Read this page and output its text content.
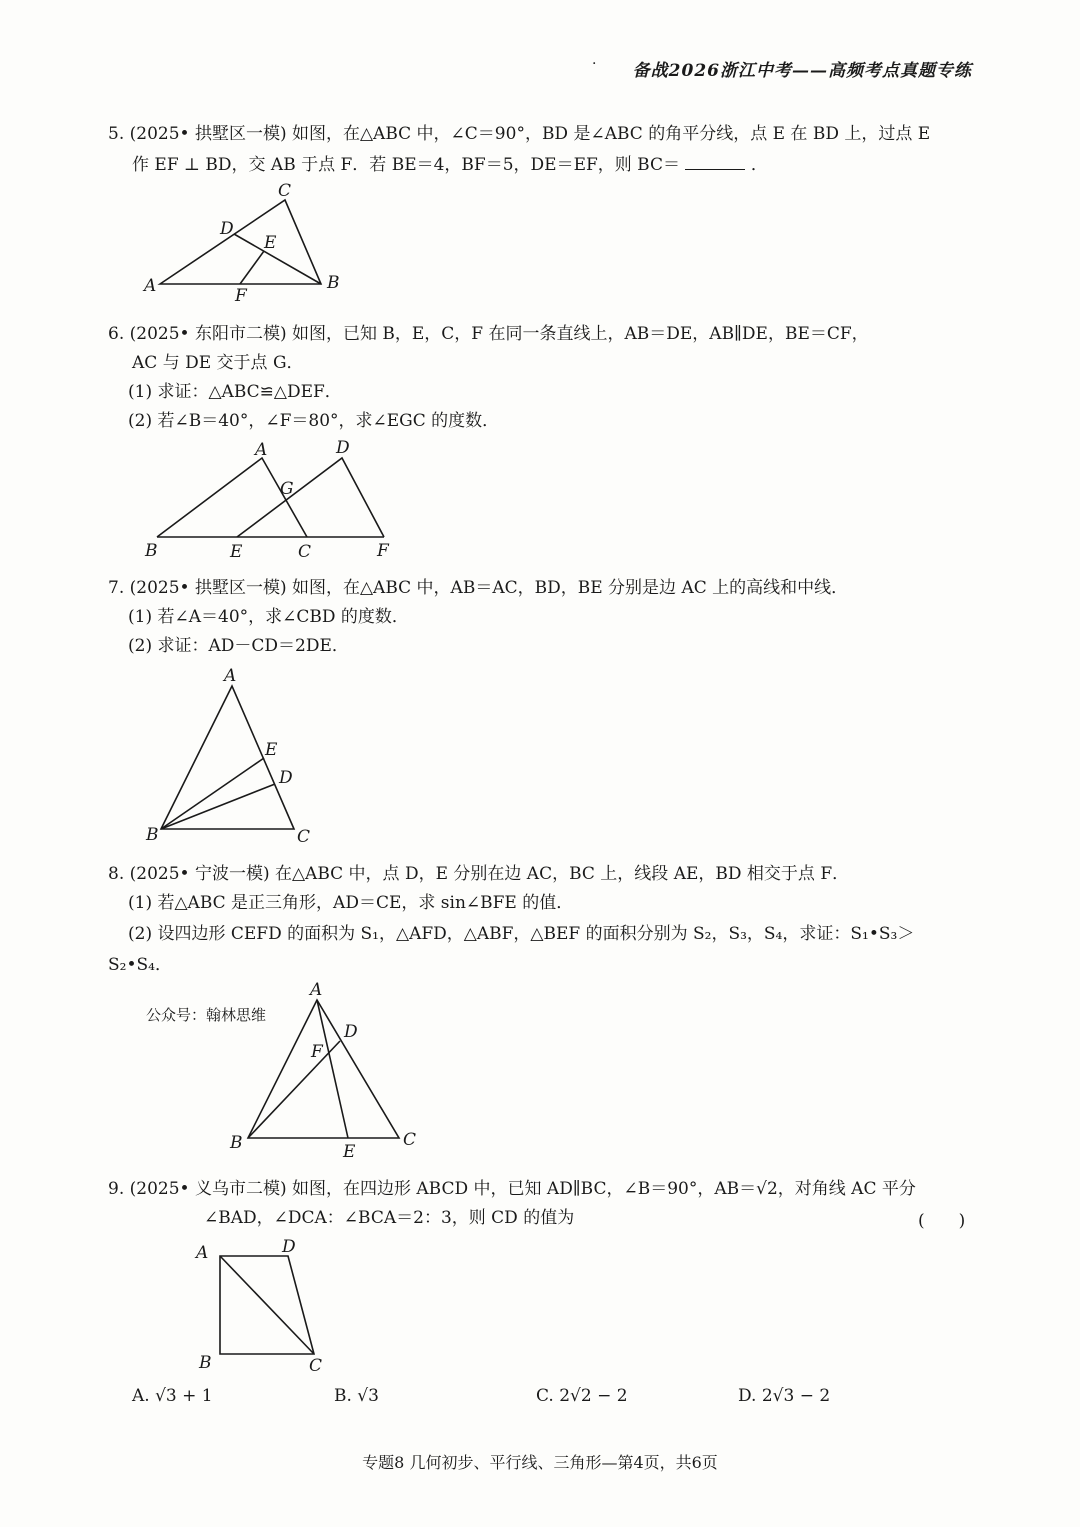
· 备战2026浙江中考——高频考点真题专练
5. (2025• 拱墅区一模) 如图，在△ABC 中，∠C＝90°，BD 是∠ABC 的角平分线，点 E 在 BD 上，过点 E
作 EF ⊥ BD，交 AB 于点 F．若 BE＝4，BF＝5，DE＝EF，则 BC＝	．
C
D
E
A	F
B
6. (2025• 东阳市二模) 如图，已知 B，E，C，F 在同一条直线上，AB＝DE，AB∥DE，BE＝CF，
AC 与 DE 交于点 G．
(1) 求证：△ABC≌△DEF．
(2) 若∠B＝40°，∠F＝80°，求∠EGC 的度数．
A	D
G
B	E	C	F
7. (2025• 拱墅区一模) 如图，在△ABC 中，AB＝AC，BD，BE 分别是边 AC 上的高线和中线．
(1) 若∠A＝40°，求∠CBD 的度数．
(2) 求证：AD－CD＝2DE．
A
E
D
B	C
8. (2025• 宁波一模) 在△ABC 中，点 D，E 分别在边 AC，BC 上，线段 AE，BD 相交于点 F．
(1) 若△ABC 是正三角形，AD＝CE，求 sin∠BFE 的值．
(2) 设四边形 CEFD 的面积为 S₁，△AFD，△ABF，△BEF 的面积分别为 S₂，S₃，S₄，求证：S₁•S₃＞
S₂•S₄．
公众号：翰林思维
A
D
F
B	E
C
9. (2025• 义乌市二模) 如图，在四边形 ABCD 中，已知 AD∥BC，∠B＝90°，AB＝√2，对角线 AC 平分
∠BAD，∠DCA：∠BCA＝2：3，则 CD 的值为	(　　)
A	D
B	C
A. √3 + 1	B. √3	C. 2√2 − 2	D. 2√3 − 2
专题8 几何初步、平行线、三角形—第4页，共6页
